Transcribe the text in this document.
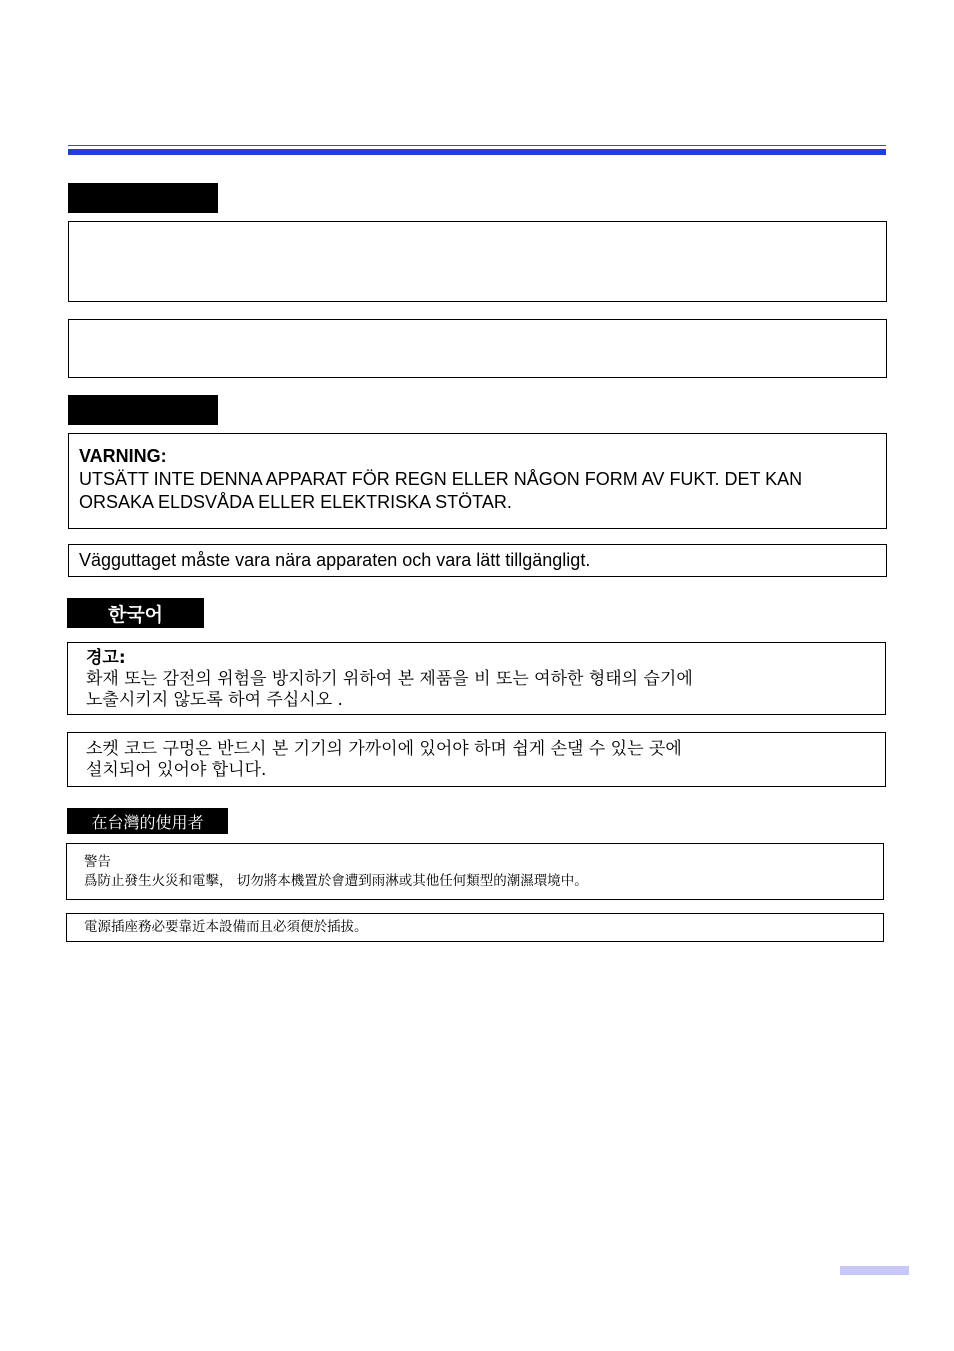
VARNING:

UTSÄTT INTE DENNA APPARAT FÖR REGN ELLER NÅGON FORM AV FUKT. DET KAN

ORSAKA ELDSVÅDA ELLER ELEKTRISKA STÖTAR.

Vägguttaget måste vara nära apparaten och vara lätt tillgängligt.

한국어

경고:

화재 또는 감전의 위험을 방지하기 위하여 본 제품을 비 또는 여하한 형태의 습기에

노출시키지 않도록 하여 주십시오 .

소켓 코드 구멍은 반드시 본 기기의 가까이에 있어야 하며 쉽게 손댈 수 있는 곳에

설치되어 있어야 합니다.

在台灣的使用者

警告

爲防止發生火災和電擊， 切勿將本機置於會遭到雨淋或其他任何類型的潮濕環境中。

電源插座務必要靠近本設備而且必須便於插拔。
